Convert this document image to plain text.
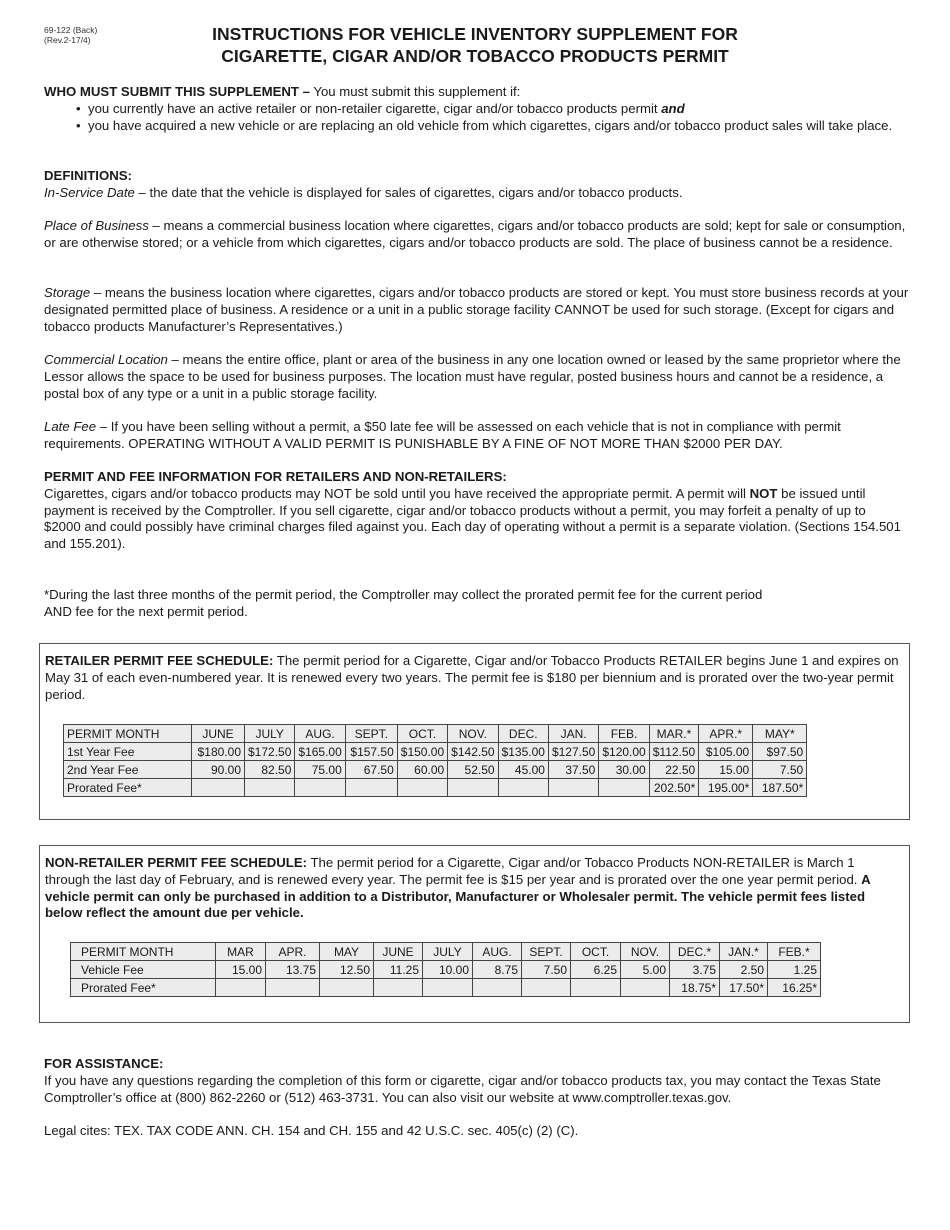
69-122 (Back)
(Rev.2-17/4)	INSTRUCTIONS FOR VEHICLE INVENTORY SUPPLEMENT FOR
CIGARETTE, CIGAR AND/OR TOBACCO PRODUCTS PERMIT

WHO MUST SUBMIT THIS SUPPLEMENT – You must submit this supplement if:

• you currently have an active retailer or non-retailer cigarette, cigar and/or tobacco products permit and
• you have acquired a new vehicle or are replacing an old vehicle from which cigarettes, cigars and/or tobacco product sales will take place.

DEFINITIONS:

In-Service Date – the date that the vehicle is displayed for sales of cigarettes, cigars and/or tobacco products.

Place of Business – means a commercial business location where cigarettes, cigars and/or tobacco products are sold; kept for sale or consumption, or are otherwise stored; or a vehicle from which cigarettes, cigars and/or tobacco products are sold. The place of business cannot be a residence.

Storage – means the business location where cigarettes, cigars and/or tobacco products are stored or kept. You must store business records at your designated permitted place of business. A residence or a unit in a public storage facility CANNOT be used for such storage. (Except for cigars and tobacco products Manufacturer’s Representatives.)

Commercial Location – means the entire office, plant or area of the business in any one location owned or leased by the same proprietor where the Lessor allows the space to be used for business purposes. The location must have regular, posted business hours and cannot be a residence, a postal box of any type or a unit in a public storage facility.

Late Fee – If you have been selling without a permit, a $50 late fee will be assessed on each vehicle that is not in compliance with permit requirements. OPERATING WITHOUT A VALID PERMIT IS PUNISHABLE BY A FINE OF NOT MORE THAN $2000 PER DAY.

PERMIT AND FEE INFORMATION FOR RETAILERS AND NON-RETAILERS:

Cigarettes, cigars and/or tobacco products may NOT be sold until you have received the appropriate permit. A permit will NOT be issued until payment is received by the Comptroller. If you sell cigarette, cigar and/or tobacco products without a permit, you may forfeit a penalty of up to $2000 and could possibly have criminal charges filed against you. Each day of operating without a permit is a separate violation. (Sections 154.501 and 155.201).

*During the last three months of the permit period, the Comptroller may collect the prorated permit fee for the current period

AND fee for the next permit period.

RETAILER PERMIT FEE SCHEDULE: The permit period for a Cigarette, Cigar and/or Tobacco Products RETAILER begins June 1 and expires on May 31 of each even-numbered year. It is renewed every two years. The permit fee is $180 per biennium and is prorated over the two-year permit period.

PERMIT MONTH	JUNE	JULY	AUG.	SEPT.	OCT.	NOV.	DEC.	JAN.	FEB.	MAR.*	APR.*	MAY*
1st Year Fee	$180.00	$172.50	$165.00	$157.50	$150.00	$142.50	$135.00	$127.50	$120.00	$112.50	$105.00	$97.50
2nd Year Fee	90.00	82.50	75.00	67.50	60.00	52.50	45.00	37.50	30.00	22.50	15.00	7.50
Prorated Fee*										202.50*	195.00*	187.50*

NON-RETAILER PERMIT FEE SCHEDULE: The permit period for a Cigarette, Cigar and/or Tobacco Products NON-RETAILER is March 1 through the last day of February, and is renewed every year. The permit fee is $15 per year and is prorated over the one year permit period. A vehicle permit can only be purchased in addition to a Distributor, Manufacturer or Wholesaler permit. The vehicle permit fees listed below reflect the amount due per vehicle.

PERMIT MONTH	MAR	APR.	MAY	JUNE	JULY	AUG.	SEPT.	OCT.	NOV.	DEC.*	JAN.*	FEB.*
Vehicle Fee	15.00	13.75	12.50	11.25	10.00	8.75	7.50	6.25	5.00	3.75	2.50	1.25
Prorated Fee*										18.75*	17.50*	16.25*

FOR ASSISTANCE:

If you have any questions regarding the completion of this form or cigarette, cigar and/or tobacco products tax, you may contact the Texas State Comptroller’s office at (800) 862-2260 or (512) 463-3731. You can also visit our website at www.comptroller.texas.gov.

Legal cites: TEX. TAX CODE ANN. CH. 154 and CH. 155 and 42 U.S.C. sec. 405(c) (2) (C).
